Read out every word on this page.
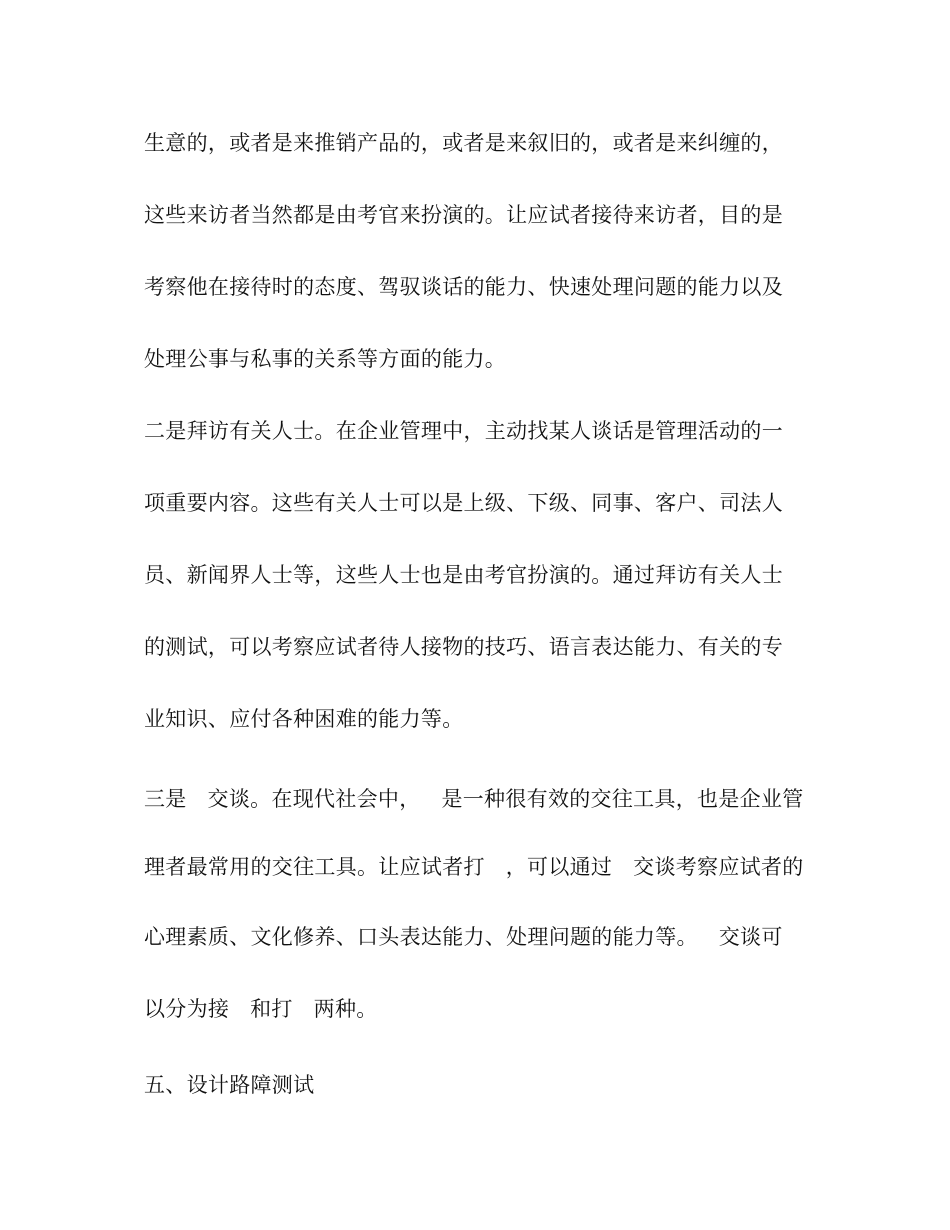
生意的，或者是来推销产品的，或者是来叙旧的，或者是来纠缠的，
这些来访者当然都是由考官来扮演的。让应试者接待来访者，目的是
考察他在接待时的态度、驾驭谈话的能力、快速处理问题的能力以及
处理公事与私事的关系等方面的能力。
二是拜访有关人士。在企业管理中，主动找某人谈话是管理活动的一
项重要内容。这些有关人士可以是上级、下级、同事、客户、司法人
员、新闻界人士等，这些人士也是由考官扮演的。通过拜访有关人士
的测试，可以考察应试者待人接物的技巧、语言表达能力、有关的专
业知识、应付各种困难的能力等。
三是   交谈。在现代社会中，   是一种很有效的交往工具，也是企业管
理者最常用的交往工具。让应试者打   ，可以通过   交谈考察应试者的
心理素质、文化修养、口头表达能力、处理问题的能力等。   交谈可
以分为接   和打   两种。
五、设计路障测试
